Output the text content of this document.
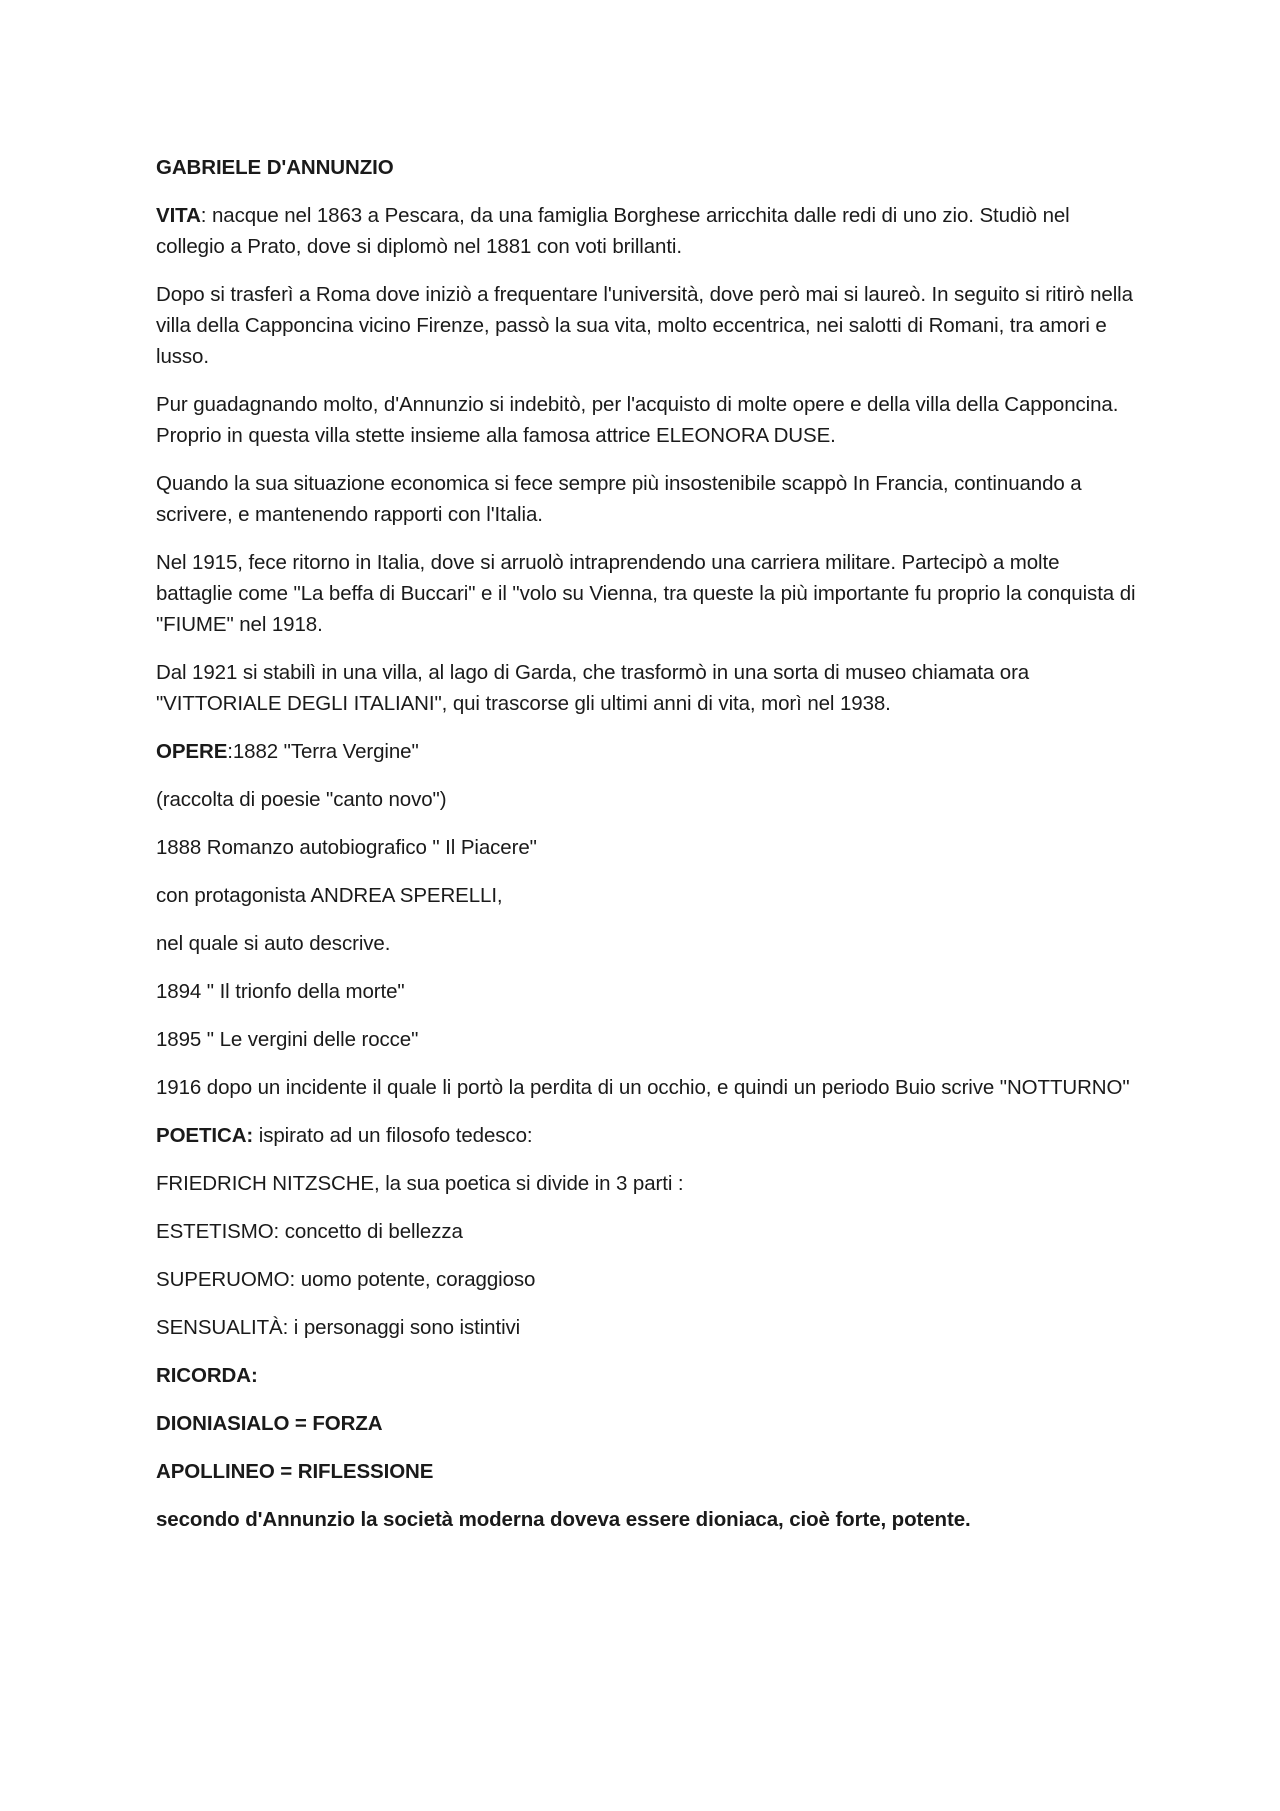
GABRIELE D'ANNUNZIO

VITA: nacque nel 1863 a Pescara, da una famiglia Borghese arricchita dalle redi di uno zio. Studiò nel collegio a Prato, dove si diplomò nel 1881 con voti brillanti.

Dopo si trasferì a Roma dove iniziò a frequentare l'università, dove però mai si laureò. In seguito si ritirò nella villa della Capponcina vicino Firenze, passò la sua vita, molto eccentrica, nei salotti di Romani, tra amori e lusso.

Pur guadagnando molto, d'Annunzio si indebitò, per l'acquisto di molte opere e della villa della Capponcina. Proprio in questa villa stette insieme alla famosa attrice ELEONORA DUSE.

Quando la sua situazione economica si fece sempre più insostenibile scappò In Francia, continuando a scrivere, e mantenendo rapporti con l'Italia.

Nel 1915, fece ritorno in Italia, dove si arruolò intraprendendo una carriera militare. Partecipò a molte battaglie come "La beffa di Buccari" e il "volo su Vienna, tra queste la più importante fu proprio la conquista di "FIUME" nel 1918.

Dal 1921 si stabilì in una villa, al lago di Garda, che trasformò in una sorta di museo chiamata ora "VITTORIALE DEGLI ITALIANI", qui trascorse gli ultimi anni di vita, morì nel 1938.

OPERE:1882 "Terra Vergine"

(raccolta di poesie "canto novo")

1888 Romanzo autobiografico " Il Piacere"

con protagonista ANDREA SPERELLI,

nel quale si auto descrive.

1894 " Il trionfo della morte"

1895 " Le vergini delle rocce"

1916 dopo un incidente il quale li portò la perdita di un occhio, e quindi un periodo Buio scrive "NOTTURNO"

POETICA: ispirato ad un filosofo tedesco:

FRIEDRICH NITZSCHE, la sua poetica si divide in 3 parti :

ESTETISMO: concetto di bellezza

SUPERUOMO: uomo potente, coraggioso

SENSUALITÀ: i personaggi sono istintivi

RICORDA:

DIONIASIALO = FORZA

APOLLINEO = RIFLESSIONE

secondo d'Annunzio la società moderna doveva essere dioniaca, cioè forte, potente.
